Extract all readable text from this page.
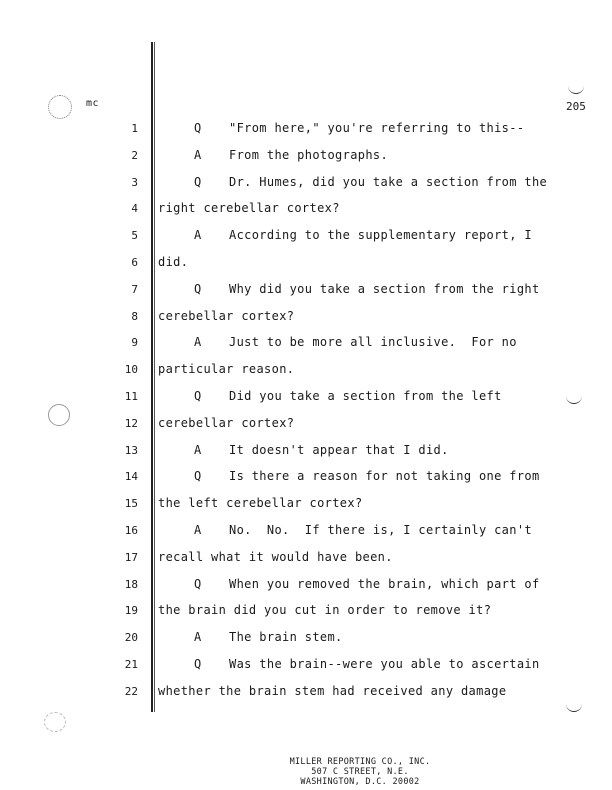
mc	205
1	Q "From here," you're referring to this--
2	A From the photographs.
3	Q Dr. Humes, did you take a section from the
4 right cerebellar cortex?
5	A According to the supplementary report, I
6 did.
7	Q Why did you take a section from the right
8 cerebellar cortex?
9	A Just to be more all inclusive.  For no
10 particular reason.
11	Q Did you take a section from the left
12 cerebellar cortex?
13	A It doesn't appear that I did.
14	Q Is there a reason for not taking one from
15 the left cerebellar cortex?
16	A No.  No.  If there is, I certainly can't
17 recall what it would have been.
18	Q When you removed the brain, which part of
19 the brain did you cut in order to remove it?
20	A The brain stem.
21	Q Was the brain--were you able to ascertain
22 whether the brain stem had received any damage
MILLER REPORTING CO., INC.
507 C STREET, N.E.
WASHINGTON, D.C. 20002
